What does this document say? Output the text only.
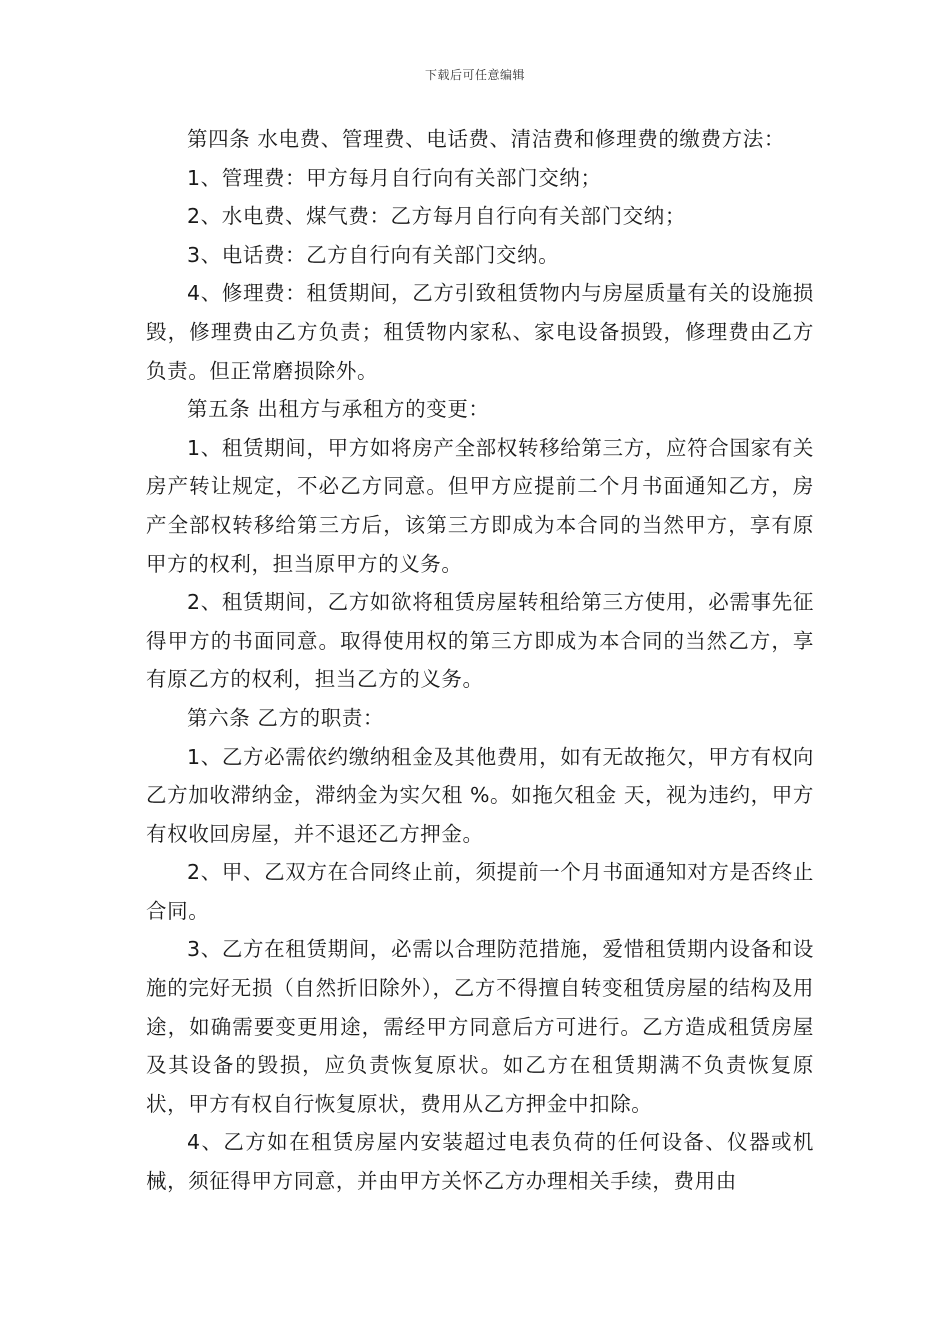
下载后可任意编辑

第四条 水电费、管理费、电话费、清洁费和修理费的缴费方法：

1、管理费：甲方每月自行向有关部门交纳；

2、水电费、煤气费：乙方每月自行向有关部门交纳；

3、电话费：乙方自行向有关部门交纳。

4、修理费：租赁期间，乙方引致租赁物内与房屋质量有关的设施损毁，修理费由乙方负责；租赁物内家私、家电设备损毁，修理费由乙方负责。但正常磨损除外。

第五条 出租方与承租方的变更：

1、租赁期间，甲方如将房产全部权转移给第三方，应符合国家有关房产转让规定，不必乙方同意。但甲方应提前二个月书面通知乙方，房产全部权转移给第三方后，该第三方即成为本合同的当然甲方，享有原甲方的权利，担当原甲方的义务。

2、租赁期间，乙方如欲将租赁房屋转租给第三方使用，必需事先征得甲方的书面同意。取得使用权的第三方即成为本合同的当然乙方，享有原乙方的权利，担当乙方的义务。

第六条 乙方的职责：

1、乙方必需依约缴纳租金及其他费用，如有无故拖欠，甲方有权向乙方加收滞纳金，滞纳金为实欠租 %。如拖欠租金 天，视为违约，甲方有权收回房屋，并不退还乙方押金。

2、甲、乙双方在合同终止前，须提前一个月书面通知对方是否终止合同。

3、乙方在租赁期间，必需以合理防范措施，爱惜租赁期内设备和设施的完好无损（自然折旧除外），乙方不得擅自转变租赁房屋的结构及用途，如确需要变更用途，需经甲方同意后方可进行。乙方造成租赁房屋及其设备的毁损，应负责恢复原状。如乙方在租赁期满不负责恢复原状，甲方有权自行恢复原状，费用从乙方押金中扣除。

4、乙方如在租赁房屋内安装超过电表负荷的任何设备、仪器或机械，须征得甲方同意，并由甲方关怀乙方办理相关手续，费用由
